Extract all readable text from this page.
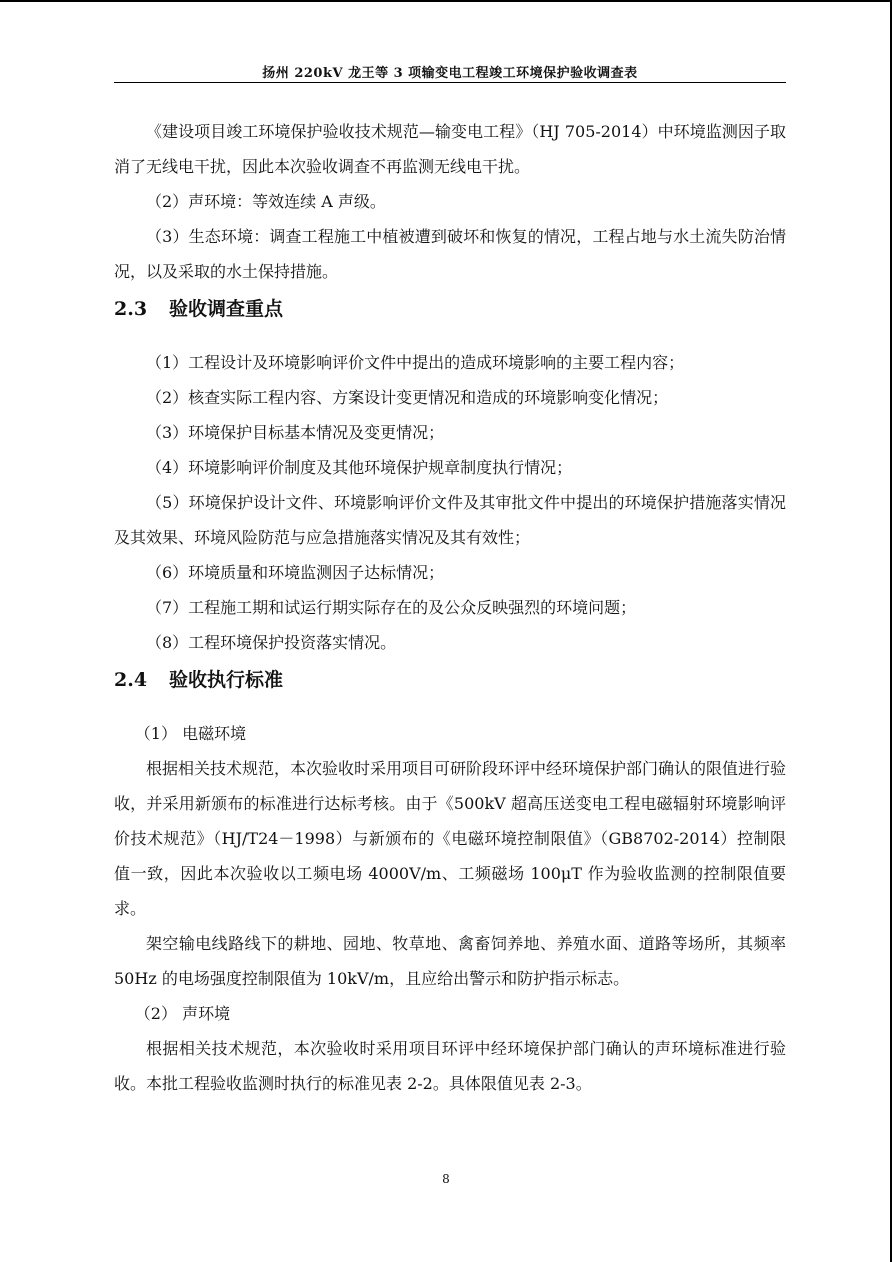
扬州 220kV 龙王等 3 项输变电工程竣工环境保护验收调查表

《建设项目竣工环境保护验收技术规范—输变电工程》（HJ 705-2014）中环境监测因子取消了无线电干扰，因此本次验收调查不再监测无线电干扰。

（2）声环境：等效连续 A 声级。

（3）生态环境：调查工程施工中植被遭到破坏和恢复的情况，工程占地与水土流失防治情况，以及采取的水土保持措施。

2.3 验收调查重点

（1）工程设计及环境影响评价文件中提出的造成环境影响的主要工程内容；

（2）核查实际工程内容、方案设计变更情况和造成的环境影响变化情况；

（3）环境保护目标基本情况及变更情况；

（4）环境影响评价制度及其他环境保护规章制度执行情况；

（5）环境保护设计文件、环境影响评价文件及其审批文件中提出的环境保护措施落实情况及其效果、环境风险防范与应急措施落实情况及其有效性；

（6）环境质量和环境监测因子达标情况；

（7）工程施工期和试运行期实际存在的及公众反映强烈的环境问题；

（8）工程环境保护投资落实情况。

2.4 验收执行标准

（1） 电磁环境

根据相关技术规范，本次验收时采用项目可研阶段环评中经环境保护部门确认的限值进行验收，并采用新颁布的标准进行达标考核。由于《500kV 超高压送变电工程电磁辐射环境影响评价技术规范》（HJ/T24－1998）与新颁布的《电磁环境控制限值》（GB8702-2014）控制限值一致，因此本次验收以工频电场 4000V/m、工频磁场 100μT 作为验收监测的控制限值要求。

架空输电线路线下的耕地、园地、牧草地、禽畜饲养地、养殖水面、道路等场所，其频率 50Hz 的电场强度控制限值为 10kV/m，且应给出警示和防护指示标志。

（2） 声环境

根据相关技术规范，本次验收时采用项目环评中经环境保护部门确认的声环境标准进行验收。本批工程验收监测时执行的标准见表 2-2。具体限值见表 2-3。

8
